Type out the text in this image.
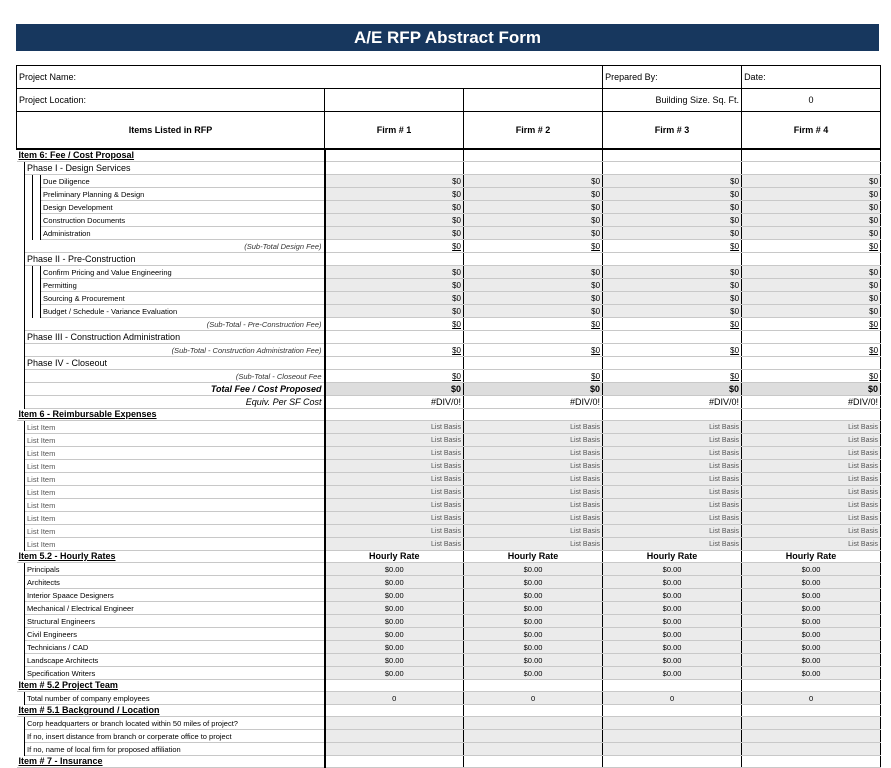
A/E RFP Abstract Form
Project Name:						Prepared By:	Date:
Project Location:						Building Size. Sq. Ft.	0
Items Listed in RFP				Firm # 1	Firm # 2	Firm # 3	Firm # 4
Item 6: Fee / Cost Proposal							
	Phase I - Design Services						
			Due Diligence	$0	$0	$0	$0
			Preliminary Planning & Design	$0	$0	$0	$0
			Design Development	$0	$0	$0	$0
			Construction Documents	$0	$0	$0	$0
			Administration	$0	$0	$0	$0
	(Sub-Total Design Fee)			$0	$0	$0	$0
	Phase II - Pre-Construction						
			Confirm Pricing and Value Engineering	$0	$0	$0	$0
			Permitting	$0	$0	$0	$0
			Sourcing & Procurement	$0	$0	$0	$0
			Budget / Schedule - Variance Evaluation	$0	$0	$0	$0
	(Sub-Total - Pre-Construction Fee)			$0	$0	$0	$0
	Phase III - Construction Administration						
	(Sub-Total - Construction Administration Fee)			$0	$0	$0	$0
	Phase IV - Closeout						
	(Sub-Total - Closeout Fee			$0	$0	$0	$0
	Total Fee / Cost Proposed			$0	$0	$0	$0
	Equiv. Per SF Cost			#DIV/0!	#DIV/0!	#DIV/0!	#DIV/0!
Item 6 - Reimbursable Expenses							
	List Item			List Basis	List Basis	List Basis	List Basis
	List Item			List Basis	List Basis	List Basis	List Basis
	List Item			List Basis	List Basis	List Basis	List Basis
	List Item			List Basis	List Basis	List Basis	List Basis
	List Item			List Basis	List Basis	List Basis	List Basis
	List Item			List Basis	List Basis	List Basis	List Basis
	List Item			List Basis	List Basis	List Basis	List Basis
	List Item			List Basis	List Basis	List Basis	List Basis
	List Item			List Basis	List Basis	List Basis	List Basis
	List Item			List Basis	List Basis	List Basis	List Basis
Item 5.2 - Hourly Rates				Hourly Rate	Hourly Rate	Hourly Rate	Hourly Rate
	Principals			$0.00	$0.00	$0.00	$0.00
	Architects			$0.00	$0.00	$0.00	$0.00
	Interior Spaace Designers			$0.00	$0.00	$0.00	$0.00
	Mechanical / Electrical Engineer			$0.00	$0.00	$0.00	$0.00
	Structural Engineers			$0.00	$0.00	$0.00	$0.00
	Civil Engineers			$0.00	$0.00	$0.00	$0.00
	Technicians / CAD			$0.00	$0.00	$0.00	$0.00
	Landscape Architects			$0.00	$0.00	$0.00	$0.00
	Specification Writers			$0.00	$0.00	$0.00	$0.00
Item # 5.2 Project Team							
	Total number of company employees			0	0	0	0
Item # 5.1 Background / Location							
	Corp headquarters or branch located within 50 miles of project?						
	If no, insert distance from branch or corperate office to project						
	If no, name of local firm for proposed affiliation						
Item # 7 - Insurance							
